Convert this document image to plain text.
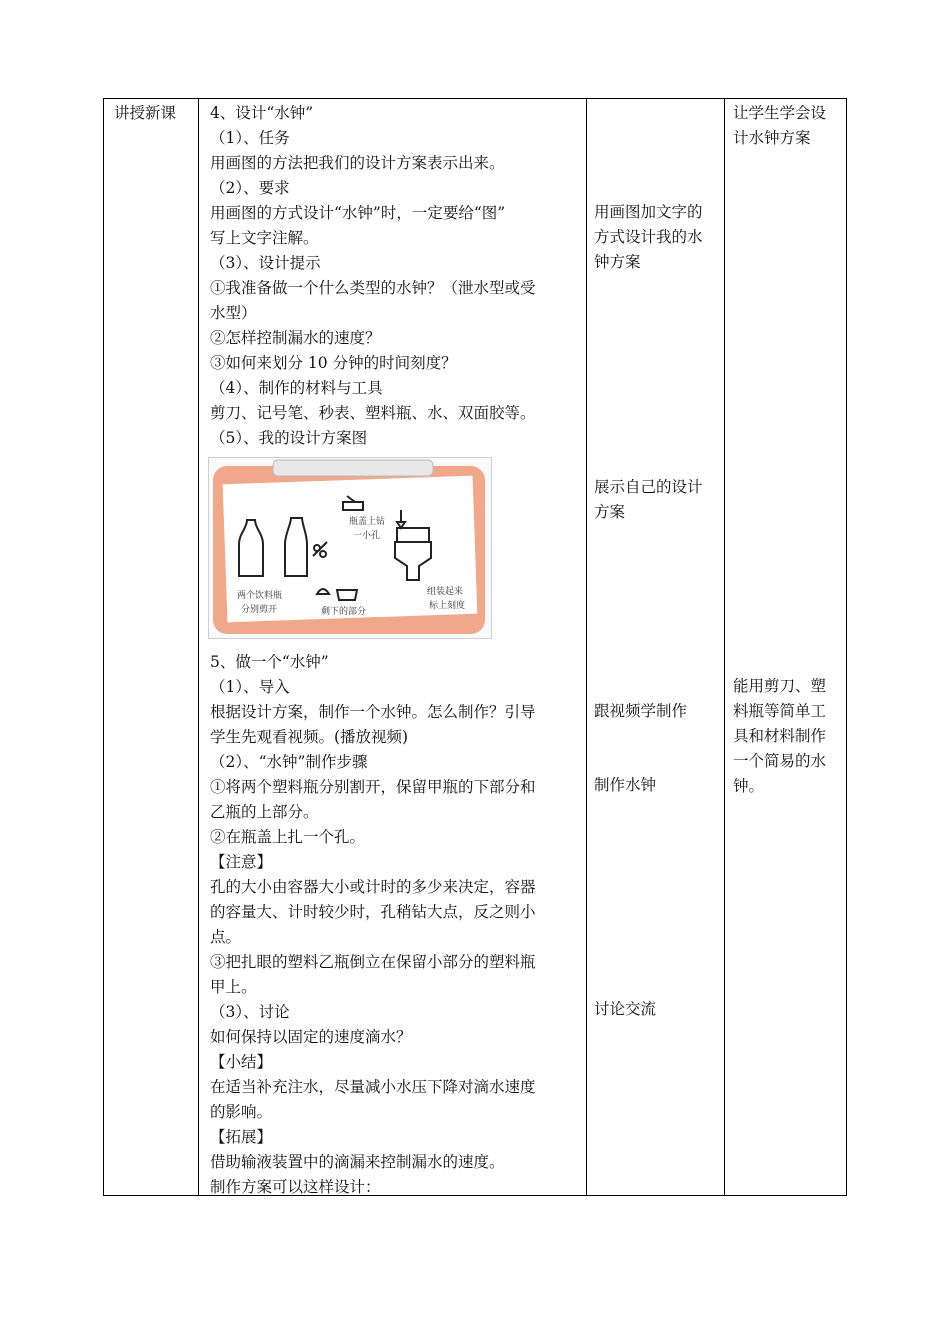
讲授新课 4、设计“水钟”
（1）、任务
用画图的方法把我们的设计方案表示出来。
（2）、要求
用画图的方式设计“水钟”时，一定要给“图”
写上文字注解。
（3）、设计提示
①我准备做一个什么类型的水钟？（泄水型或受
水型）
②怎样控制漏水的速度？
③如何来划分 10 分钟的时间刻度？
（4）、制作的材料与工具
剪刀、记号笔、秒表、塑料瓶、水、双面胶等。
（5）、我的设计方案图
两个饮料瓶
分别剪开	剩下的部分
瓶盖上钻
一小孔
组装起来
标上刻度
5、做一个“水钟”
（1）、导入
根据设计方案，制作一个水钟。怎么制作？引导
学生先观看视频。(播放视频)
（2）、“水钟”制作步骤
①将两个塑料瓶分别割开，保留甲瓶的下部分和
乙瓶的上部分。
②在瓶盖上扎一个孔。
【注意】
孔的大小由容器大小或计时的多少来决定，容器
的容量大、计时较少时，孔稍钻大点，反之则小
点。
③把扎眼的塑料乙瓶倒立在保留小部分的塑料瓶
甲上。
（3）、讨论
如何保持以固定的速度滴水？
【小结】
在适当补充注水，尽量减小水压下降对滴水速度
的影响。
【拓展】
借助输液装置中的滴漏来控制漏水的速度。
制作方案可以这样设计：
用画图加文字的
方式设计我的水
钟方案
展示自己的设计
方案
跟视频学制作
制作水钟
讨论交流
让学生学会设
计水钟方案
能用剪刀、塑
料瓶等简单工
具和材料制作
一个简易的水
钟。
